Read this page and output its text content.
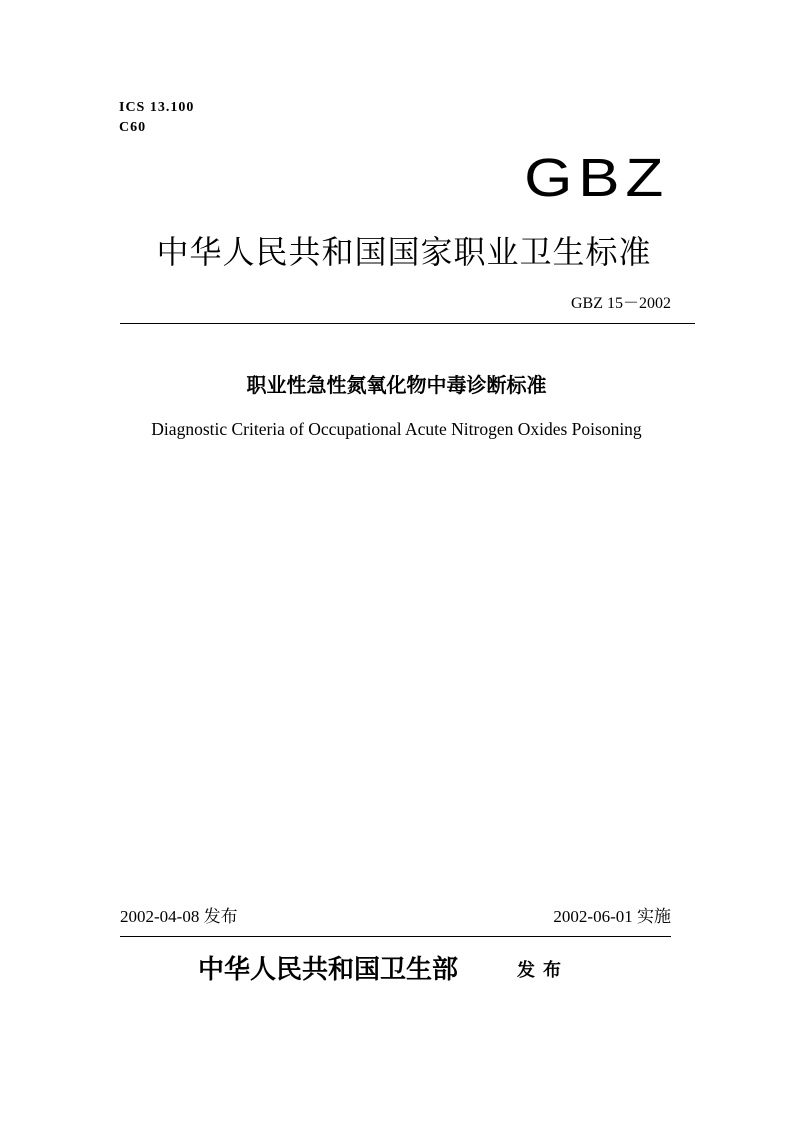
ICS 13.100
C60
GBZ
中华人民共和国国家职业卫生标准
GBZ 15－2002
职业性急性氮氧化物中毒诊断标准
Diagnostic Criteria of Occupational Acute Nitrogen Oxides Poisoning
2002-04-08 发布	2002-06-01 实施
中华人民共和国卫生部	发布
